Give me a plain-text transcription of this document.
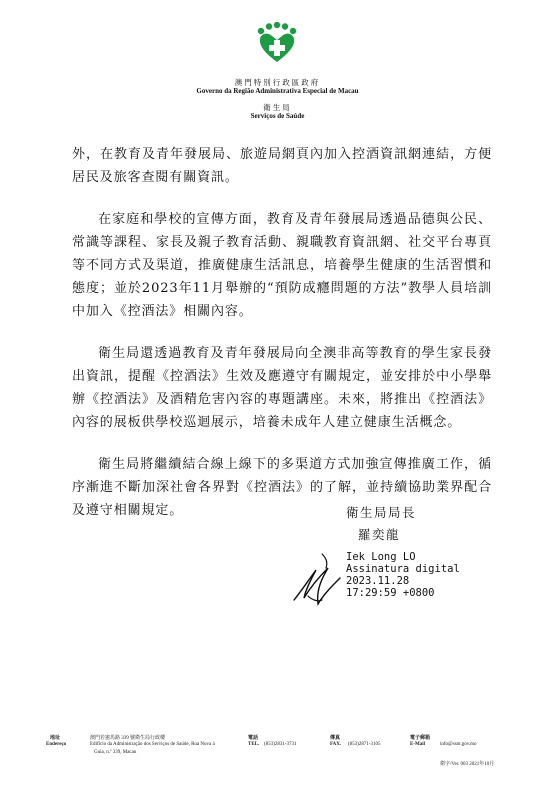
澳門特別行政區政府
Governo da Região Administrativa Especial de Macau
衛生局
Serviços de Saúde

外，在教育及青年發展局、旅遊局網頁內加入控酒資訊網連結，方便居民及旅客查閱有關資訊。

在家庭和學校的宣傳方面，教育及青年發展局透過品德與公民、常識等課程、家長及親子教育活動、親職教育資訊網、社交平台專頁等不同方式及渠道，推廣健康生活訊息，培養學生健康的生活習慣和態度；並於2023年11月舉辦的“預防成癮問題的方法”教學人員培訓中加入《控酒法》相關內容。

衛生局還透過教育及青年發展局向全澳非高等教育的學生家長發出資訊，提醒《控酒法》生效及應遵守有關規定，並安排於中小學舉辦《控酒法》及酒精危害內容的專題講座。未來，將推出《控酒法》內容的展板供學校巡迴展示，培養未成年人建立健康生活概念。

衛生局將繼續結合線上線下的多渠道方式加強宣傳推廣工作，循序漸進不斷加深社會各界對《控酒法》的了解，並持續協助業界配合及遵守相關規定。	衛生局局長
羅奕龍
Iek Long LO
Assinatura digital
2023.11.28
17:29:59 +0800
地址
Endereço
澳門若憲馬路 339 號衛生局行政樓
Edifício da Administração dos Serviços de Saúde, Rua Nova à
Guia, n.º 339, Macau
電話
TEL. (853)2831-3731
傳真
FAX. (853)2871-3105
電子郵箱
E-Mail	info@ssm.gov.mo
衛字/Ver. 003 2021年10月
